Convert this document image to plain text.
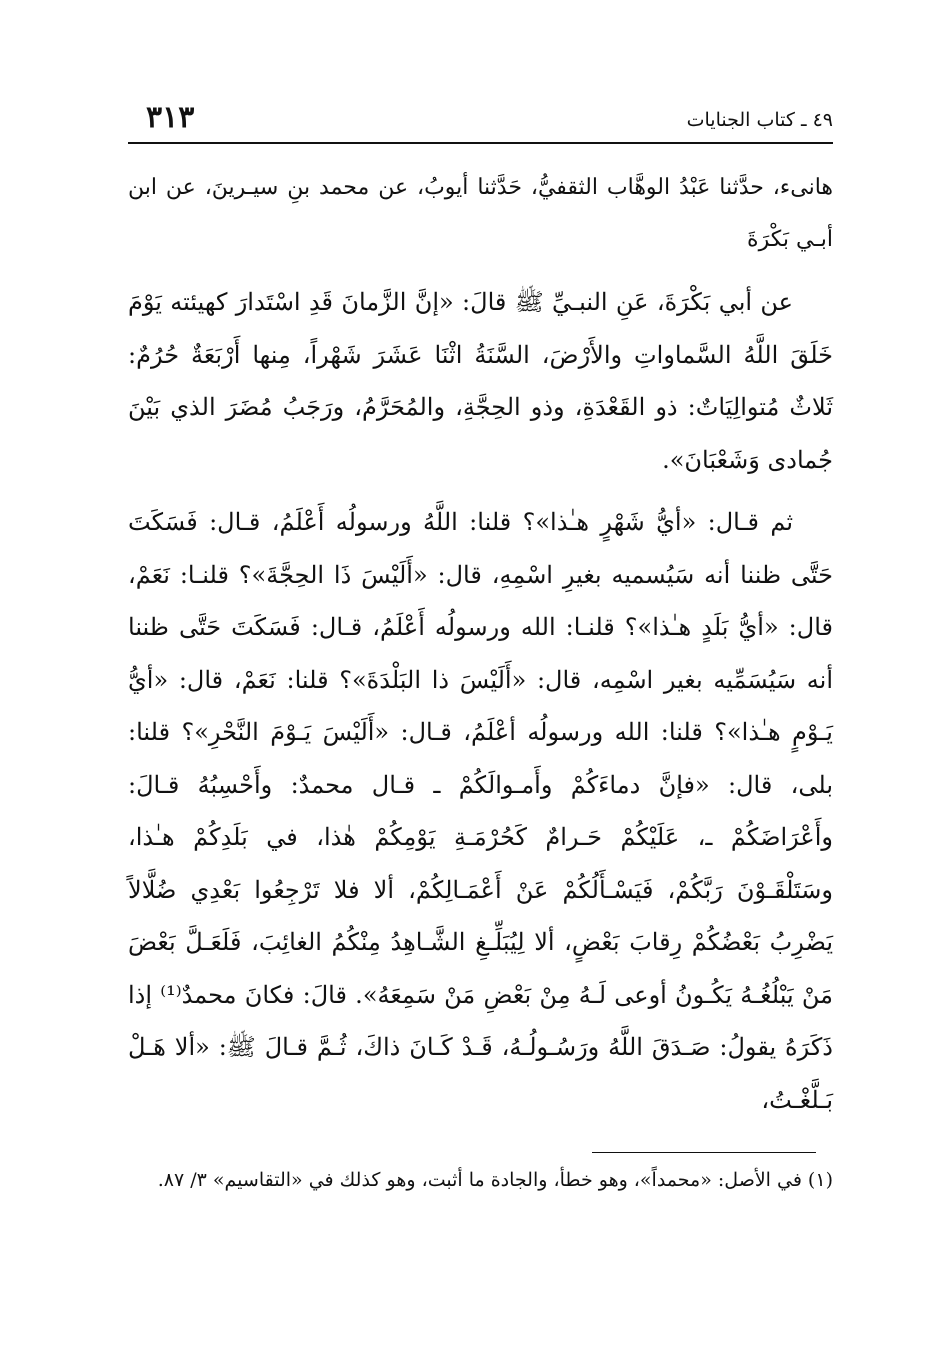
٣١٣	٤٩ ـ كتاب الجنايات

هانىء، حدَّثنا عَبْدُ الوهَّاب الثقفيُّ، حَدَّثنا أيوبُ، عن محمد بنِ سيـرينَ، عن ابن أبـي بَكْرَةَ

عن أبي بَكْرَةَ، عَنِ النبـيِّ ﷺ قالَ: «إنَّ الزَّمانَ قَدِ اسْتَدارَ كهيئته يَوْمَ خَلَقَ اللَّهُ السَّماواتِ والأَرْضَ، السَّنَةُ اثْنَا عَشَرَ شَهْراً، مِنها أَرْبَعَةٌ حُرُمٌ: ثَلاثٌ مُتوالِيَاتٌ: ذو القَعْدَةِ، وذو الحِجَّةِ، والمُحَرَّمُ، ورَجَبُ مُضَرَ الذي بَيْنَ جُمادى وَشَعْبَانَ».

ثم قـال: «أيُّ شَهْرٍ هـٰذا»؟ قلنا: اللَّهُ ورسولُه أَعْلَمُ، قـال: فَسَكَتَ حَتَّى ظننا أنه سَيُسميه بغيرِ اسْمِهِ، قال: «أَلَيْسَ ذَا الحِجَّةَ»؟ قلنـا: نَعَمْ، قال: «أيُّ بَلَدٍ هـٰذا»؟ قلنـا: الله ورسولُه أَعْلَمُ، قـال: فَسَكَتَ حَتَّى ظننا أنه سَيُسَمِّيه بغير اسْمِه، قال: «أَلَيْسَ ذا البَلْدَةَ»؟ قلنا: نَعَمْ، قال: «أيُّ يَـوْمٍ هـٰذا»؟ قلنا: الله ورسولُه أعْلَمُ، قـال: «أَلَيْسَ يَـوْمَ النَّحْرِ»؟ قلنا: بلى، قال: «فإنَّ دماءَكُمْ وأَمـوالَكُمْ ـ قـال محمدٌ: وأَحْسِبُهُ قـالَ: وأَعْرَاضَكُمْ ـ، عَلَيْكُمْ حَـرامٌ كَحُرْمَـةِ يَوْمِكُمْ هٰذا، في بَلَدِكُمْ هـٰذا، وسَتَلْقَـوْنَ رَبَّكُمْ، فَيَسْـأَلُكُمْ عَنْ أَعْمَـالِكُمْ، ألا فلا تَرْجِعُوا بَعْدِي ضُلَّالاً يَضْرِبُ بَعْضُكُمْ رِقابَ بَعْضٍ، ألا لِيُبَلِّـغِ الشَّـاهِدُ مِنْكُمُ الغائِبَ، فَلَعَـلَّ بَعْضَ مَنْ يَبْلُغُـهُ يَكُـونُ أوعى لَـهُ مِنْ بَعْضِ مَنْ سَمِعَهُ». قالَ: فكانَ محمدٌ⁽¹⁾ إذا ذَكَرَهُ يقولُ: صَـدَقَ اللَّهُ ورَسُـولُـهُ، قَـدْ كَـانَ ذاكَ، ثُـمَّ قـالَ ﷺ: «ألا هَـلْ بَـلَّغْـتُ،

(١) في الأصل: «محمداً»، وهو خطأ، والجادة ما أثبت، وهو كذلك في «التقاسيم» ٣/ ٨٧.
